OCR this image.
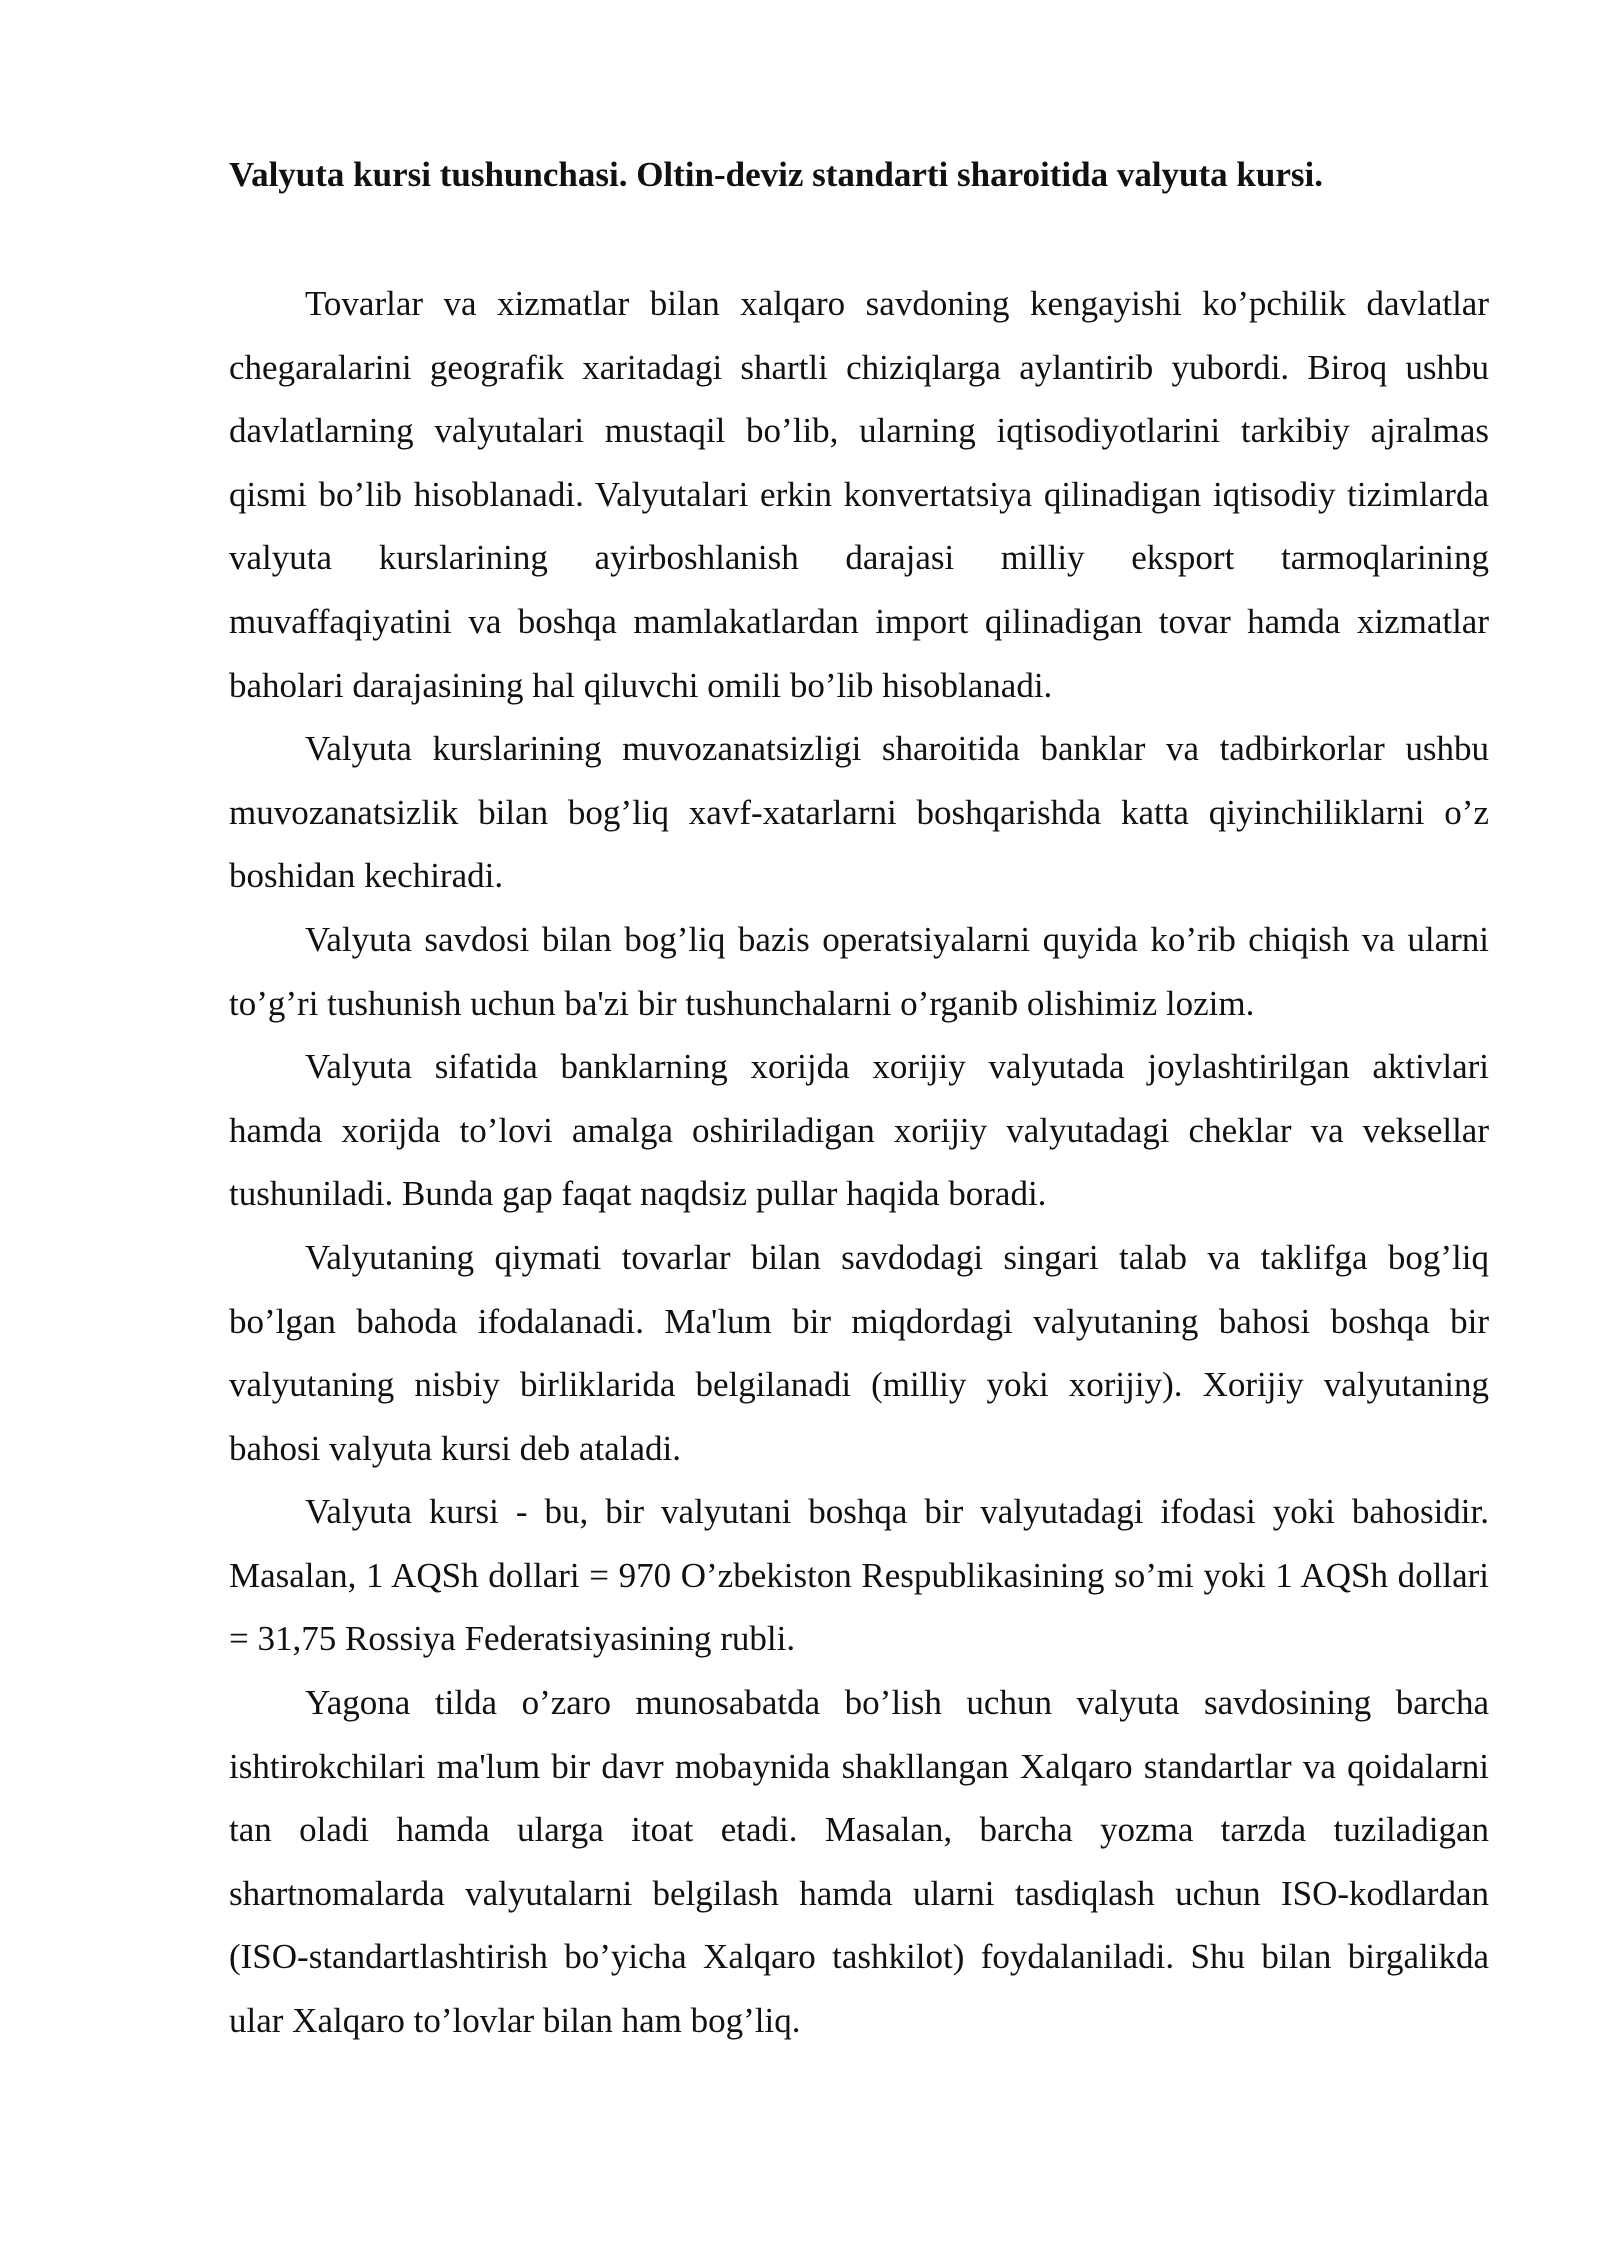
Valyuta kursi tushunchasi. Oltin-deviz standarti sharoitida valyuta kursi.

Tovarlar va xizmatlar bilan xalqaro savdoning kengayishi ko’pchilik davlatlar chegaralarini geografik xaritadagi shartli chiziqlarga aylantirib yubordi. Biroq ushbu davlatlarning valyutalari mustaqil bo’lib, ularning iqtisodiyotlarini tarkibiy ajralmas qismi bo’lib hisoblanadi. Valyutalari erkin konvertatsiya qilinadigan iqtisodiy tizimlarda valyuta kurslarining ayirboshlanish darajasi milliy eksport tarmoqlarining muvaffaqiyatini va boshqa mamlakatlardan import qilinadigan tovar hamda xizmatlar baholari darajasining hal qiluvchi omili bo’lib hisoblanadi.

Valyuta kurslarining muvozanatsizligi sharoitida banklar va tadbirkorlar ushbu muvozanatsizlik bilan bog’liq xavf-xatarlarni boshqarishda katta qiyinchiliklarni o’z boshidan kechiradi.

Valyuta savdosi bilan bog’liq bazis operatsiyalarni quyida ko’rib chiqish va ularni to’g’ri tushunish uchun ba'zi bir tushunchalarni o’rganib olishimiz lozim.

Valyuta sifatida banklarning xorijda xorijiy valyutada joylashtirilgan aktivlari hamda xorijda to’lovi amalga oshiriladigan xorijiy valyutadagi cheklar va veksellar tushuniladi. Bunda gap faqat naqdsiz pullar haqida boradi.

Valyutaning qiymati tovarlar bilan savdodagi singari talab va taklifga bog’liq bo’lgan bahoda ifodalanadi. Ma'lum bir miqdordagi valyutaning bahosi boshqa bir valyutaning nisbiy birliklarida belgilanadi (milliy yoki xorijiy). Xorijiy valyutaning bahosi valyuta kursi deb ataladi.

Valyuta kursi - bu, bir valyutani boshqa bir valyutadagi ifodasi yoki bahosidir. Masalan, 1 AQSh dollari = 970 O’zbekiston Respublikasining so’mi yoki 1 AQSh dollari = 31,75 Rossiya Federatsiyasining rubli.

Yagona tilda o’zaro munosabatda bo’lish uchun valyuta savdosining barcha ishtirokchilari ma'lum bir davr mobaynida shakllangan Xalqaro standartlar va qoidalarni tan oladi hamda ularga itoat etadi. Masalan, barcha yozma tarzda tuziladigan shartnomalarda valyutalarni belgilash hamda ularni tasdiqlash uchun ISO-kodlardan (ISO-standartlashtirish bo’yicha Xalqaro tashkilot) foydalaniladi. Shu bilan birgalikda ular Xalqaro to’lovlar bilan ham bog’liq.
